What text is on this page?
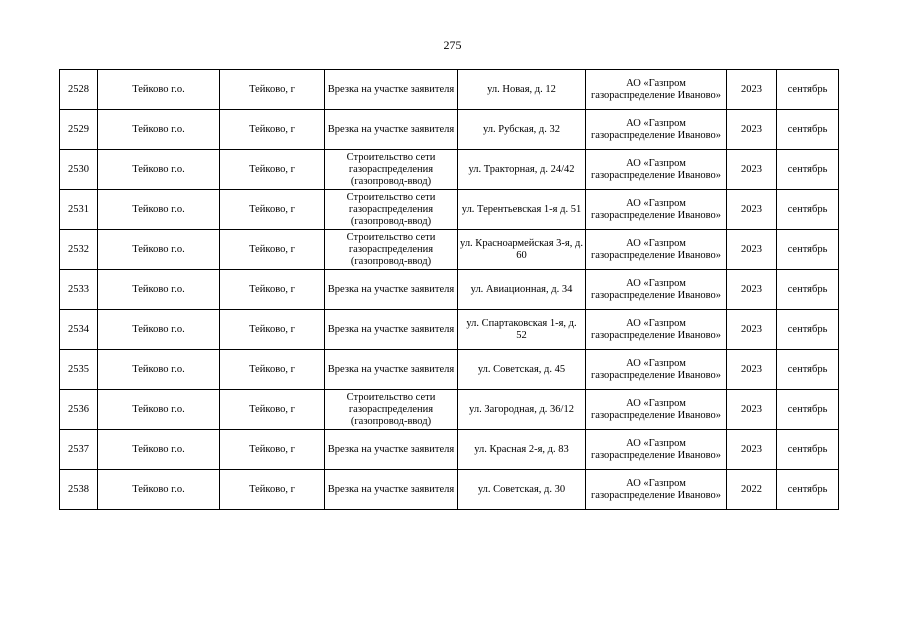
275
2528	Тейково г.о.	Тейково, г	Врезка на участке заявителя	ул. Новая, д. 12	АО «Газпром газораспределение Иваново»	2023	сентябрь
2529	Тейково г.о.	Тейково, г	Врезка на участке заявителя	ул. Рубская, д. 32	АО «Газпром газораспределение Иваново»	2023	сентябрь
2530	Тейково г.о.	Тейково, г	Строительство сети газораспределения (газопровод-ввод)	ул. Тракторная, д. 24/42	АО «Газпром газораспределение Иваново»	2023	сентябрь
2531	Тейково г.о.	Тейково, г	Строительство сети газораспределения (газопровод-ввод)	ул. Терентьевская 1-я д. 51	АО «Газпром газораспределение Иваново»	2023	сентябрь
2532	Тейково г.о.	Тейково, г	Строительство сети газораспределения (газопровод-ввод)	ул. Красноармейская 3-я, д. 60	АО «Газпром газораспределение Иваново»	2023	сентябрь
2533	Тейково г.о.	Тейково, г	Врезка на участке заявителя	ул. Авиационная, д. 34	АО «Газпром газораспределение Иваново»	2023	сентябрь
2534	Тейково г.о.	Тейково, г	Врезка на участке заявителя	ул. Спартаковская 1-я, д. 52	АО «Газпром газораспределение Иваново»	2023	сентябрь
2535	Тейково г.о.	Тейково, г	Врезка на участке заявителя	ул. Советская, д. 45	АО «Газпром газораспределение Иваново»	2023	сентябрь
2536	Тейково г.о.	Тейково, г	Строительство сети газораспределения (газопровод-ввод)	ул. Загородная, д. 36/12	АО «Газпром газораспределение Иваново»	2023	сентябрь
2537	Тейково г.о.	Тейково, г	Врезка на участке заявителя	ул. Красная 2-я, д. 83	АО «Газпром газораспределение Иваново»	2023	сентябрь
2538	Тейково г.о.	Тейково, г	Врезка на участке заявителя	ул. Советская, д. 30	АО «Газпром газораспределение Иваново»	2022	сентябрь
